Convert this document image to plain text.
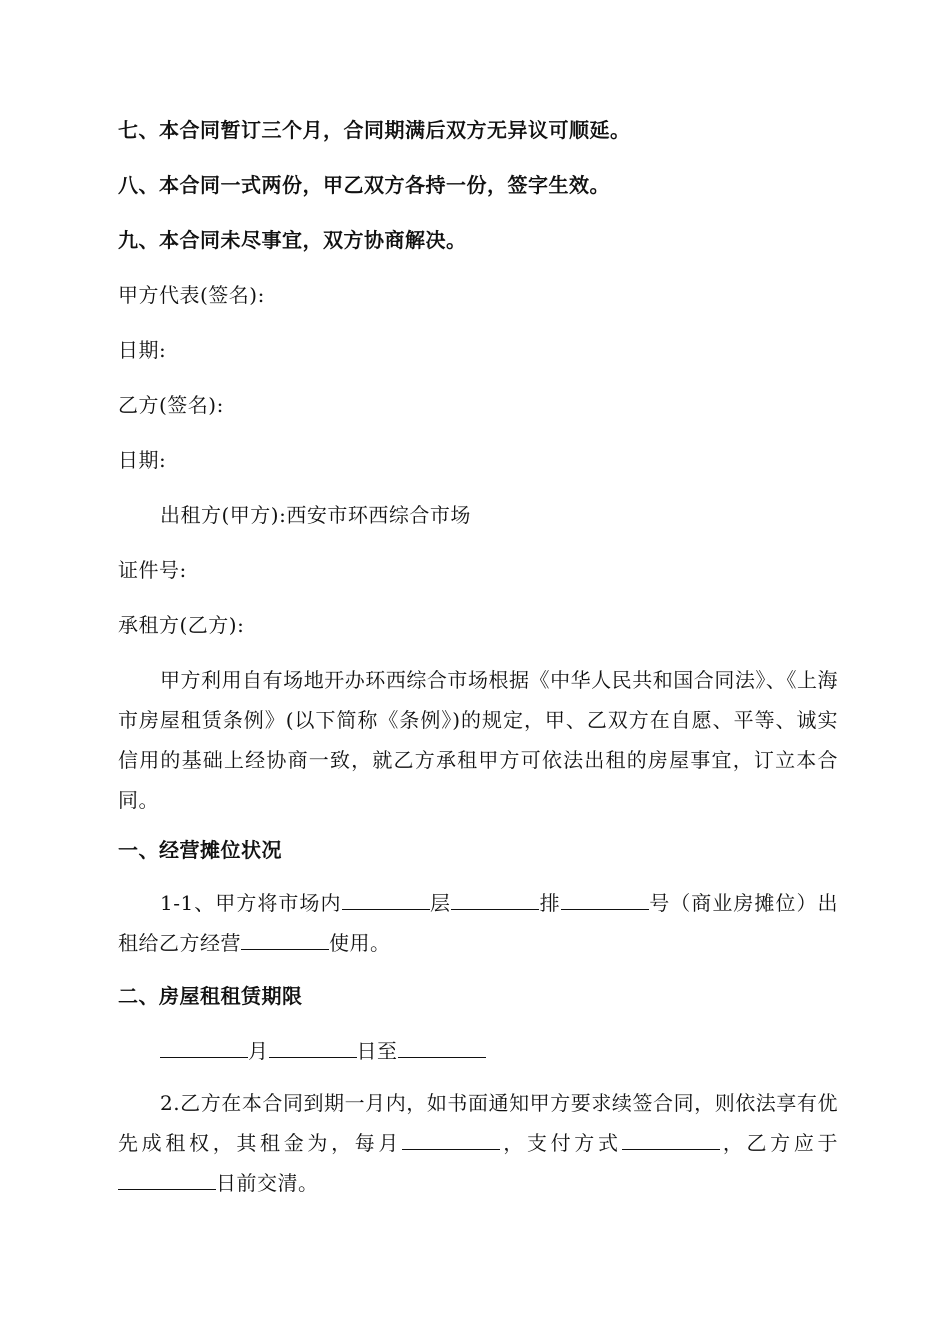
七、本合同暂订三个月，合同期满后双方无异议可顺延。
八、本合同一式两份，甲乙双方各持一份，签字生效。
九、本合同未尽事宜，双方协商解决。
甲方代表(签名):
日期:
乙方(签名):
日期:
出租方(甲方):西安市环西综合市场
证件号:
承租方(乙方):
甲方利用自有场地开办环西综合市场根据《中华人民共和国合同法》、《上海市房屋租赁条例》(以下简称《条例》)的规定，甲、乙双方在自愿、平等、诚实信用的基础上经协商一致，就乙方承租甲方可依法出租的房屋事宜，订立本合同。
一、经营摊位状况
1-1、甲方将市场内	层	排	号（商业房摊位）出租给乙方经营	使用。
二、房屋租租赁期限
月	日至
2.乙方在本合同到期一月内，如书面通知甲方要求续签合同，则依法享有优先成租权，其租金为，每月	，支付方式	，乙方应于日前交清。
